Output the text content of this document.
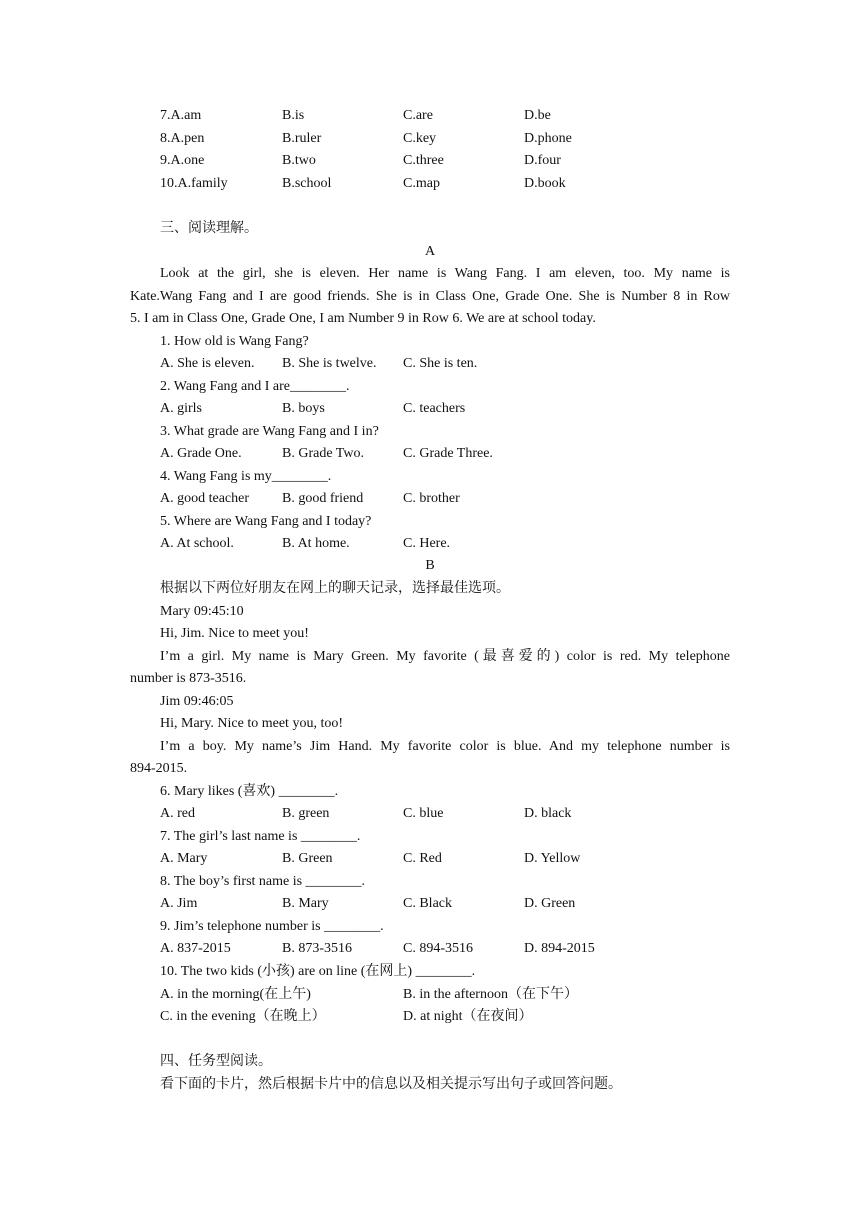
7.A.am	B.is	C.are	D.be
8.A.pen	B.ruler	C.key	D.phone
9.A.one	B.two	C.three	D.four
10.A.family	B.school	C.map	D.book
三、阅读理解。
A
Look at the girl, she is eleven. Her name is Wang Fang. I am eleven, too. My name is
Kate.Wang Fang and I are good friends. She is in Class One, Grade One. She is Number 8 in Row
5. I am in Class One, Grade One, I am Number 9 in Row 6. We are at school today.
1. How old is Wang Fang?
A. She is eleven. B. She is twelve. C. She is ten.
2. Wang Fang and I are________.
A. girls	B. boys	C. teachers
3. What grade are Wang Fang and I in?
A. Grade One.	B. Grade Two.	C. Grade Three.
4. Wang Fang is my________.
A. good teacher B. good friend	C. brother
5. Where are Wang Fang and I today?
A. At school.	B. At home.	C. Here.
B
根据以下两位好朋友在网上的聊天记录，选择最佳选项。
Mary 09:45:10
Hi, Jim. Nice to meet you!
I’m a girl. My name is Mary Green. My favorite (最喜爱的) color is red. My telephone
number is 873-3516.
Jim 09:46:05
Hi, Mary. Nice to meet you, too!
I’m a boy. My name’s Jim Hand. My favorite color is blue. And my telephone number is
894-2015.
6. Mary likes (喜欢) ________.
A. red	B. green	C. blue	D. black
7. The girl’s last name is ________.
A. Mary	B. Green	C. Red	D. Yellow
8. The boy’s first name is ________.
A. Jim	B. Mary	C. Black	D. Green
9. Jim’s telephone number is ________.
A. 837-2015	B. 873-3516	C. 894-3516	D. 894-2015
10. The two kids (小孩) are on line (在网上) ________.
A. in the morning(在上午)	B. in the afternoon（在下午）
C. in the evening（在晚上）	D. at night（在夜间）
四、任务型阅读。
看下面的卡片，然后根据卡片中的信息以及相关提示写出句子或回答问题。
